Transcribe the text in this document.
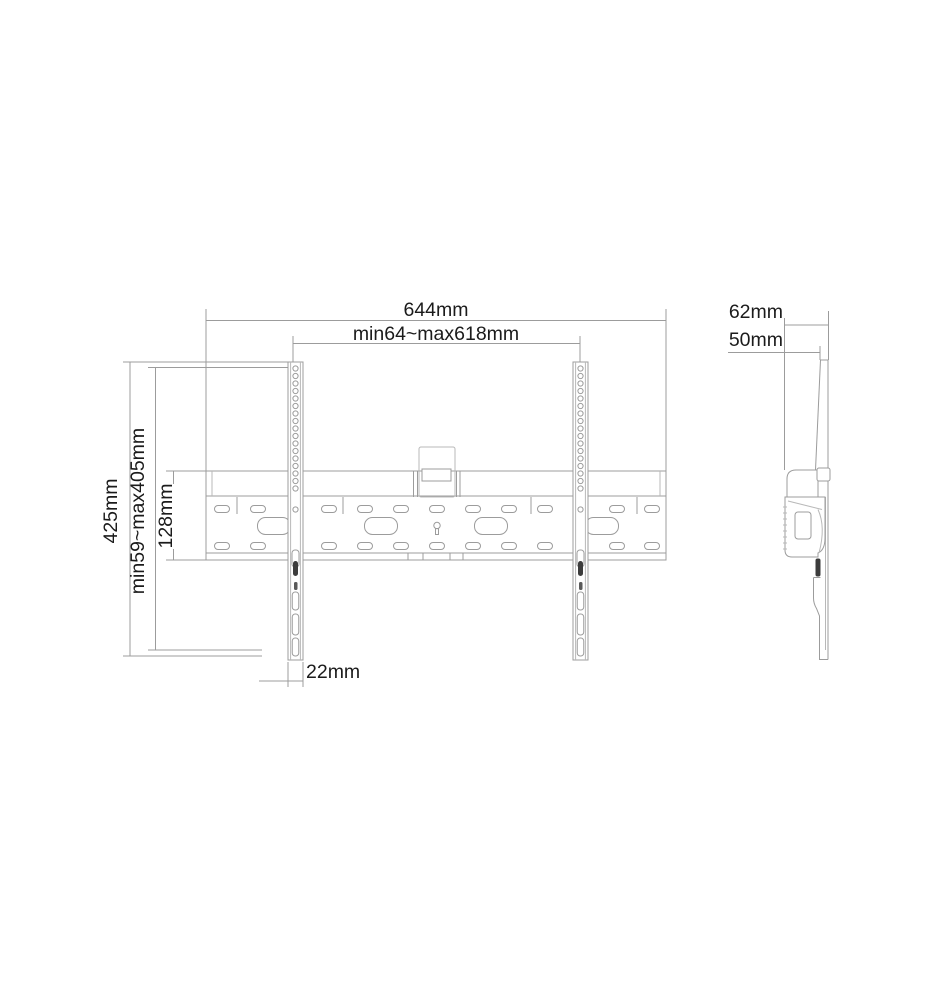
644mm
min64~max618mm
425mm min59~max405mm 128mm
22mm
62mm
50mm
